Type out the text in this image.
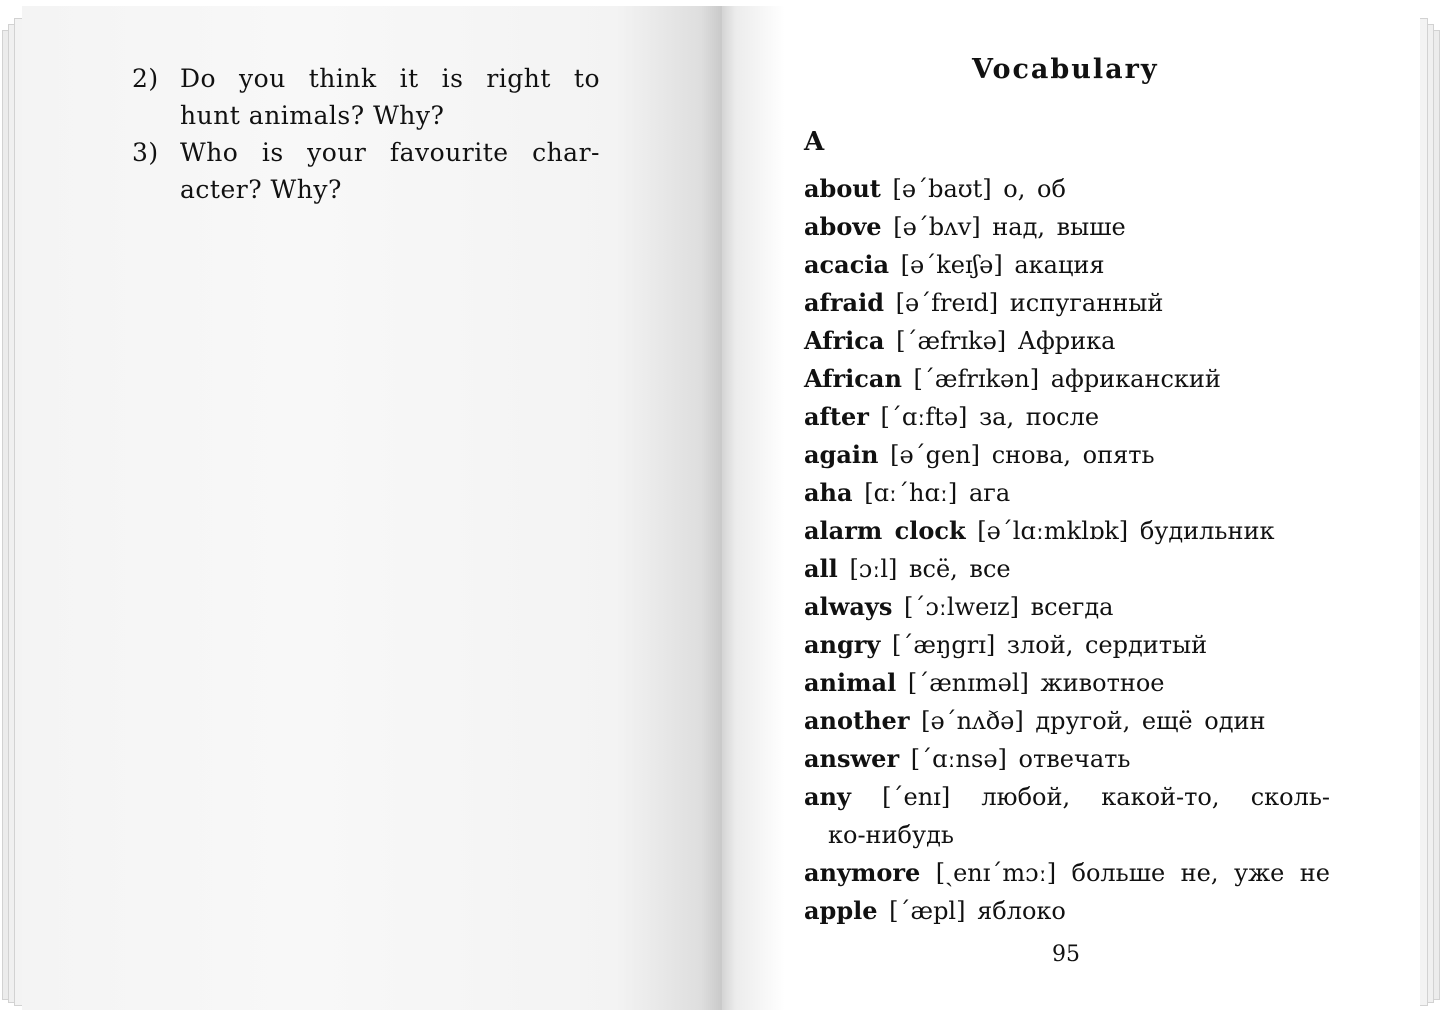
2) Do you think it is right to
hunt animals? Why?
3) Who is your favourite char-
acter? Why?
Vocabulary
A
about [ə΄baʊt] о, об
above [ə΄bʌv] над, выше
acacia [ə΄keɪʃə] акация
afraid [ə΄freɪd] испуганный
Africa [΄æfrɪkə] Африка
African [΄æfrɪkən] африканский
after [΄ɑːftə] за, после
again [ə΄gen] снова, опять
aha [ɑː΄hɑː] ага
alarm clock [ə΄lɑːmklɒk] будильник
all [ɔːl] всё, все
always [΄ɔːlweɪz] всегда
angry [΄æŋgrɪ] злой, сердитый
animal [΄ænɪməl] животное
another [ə΄nʌðə] другой, ещё один
answer [΄ɑːnsə] отвечать
any [΄enɪ] любой, какой-то, сколь-
ко-нибудь
anymore [ˏenɪ΄mɔː] больше не, уже не
apple [΄æpl] яблоко
95
